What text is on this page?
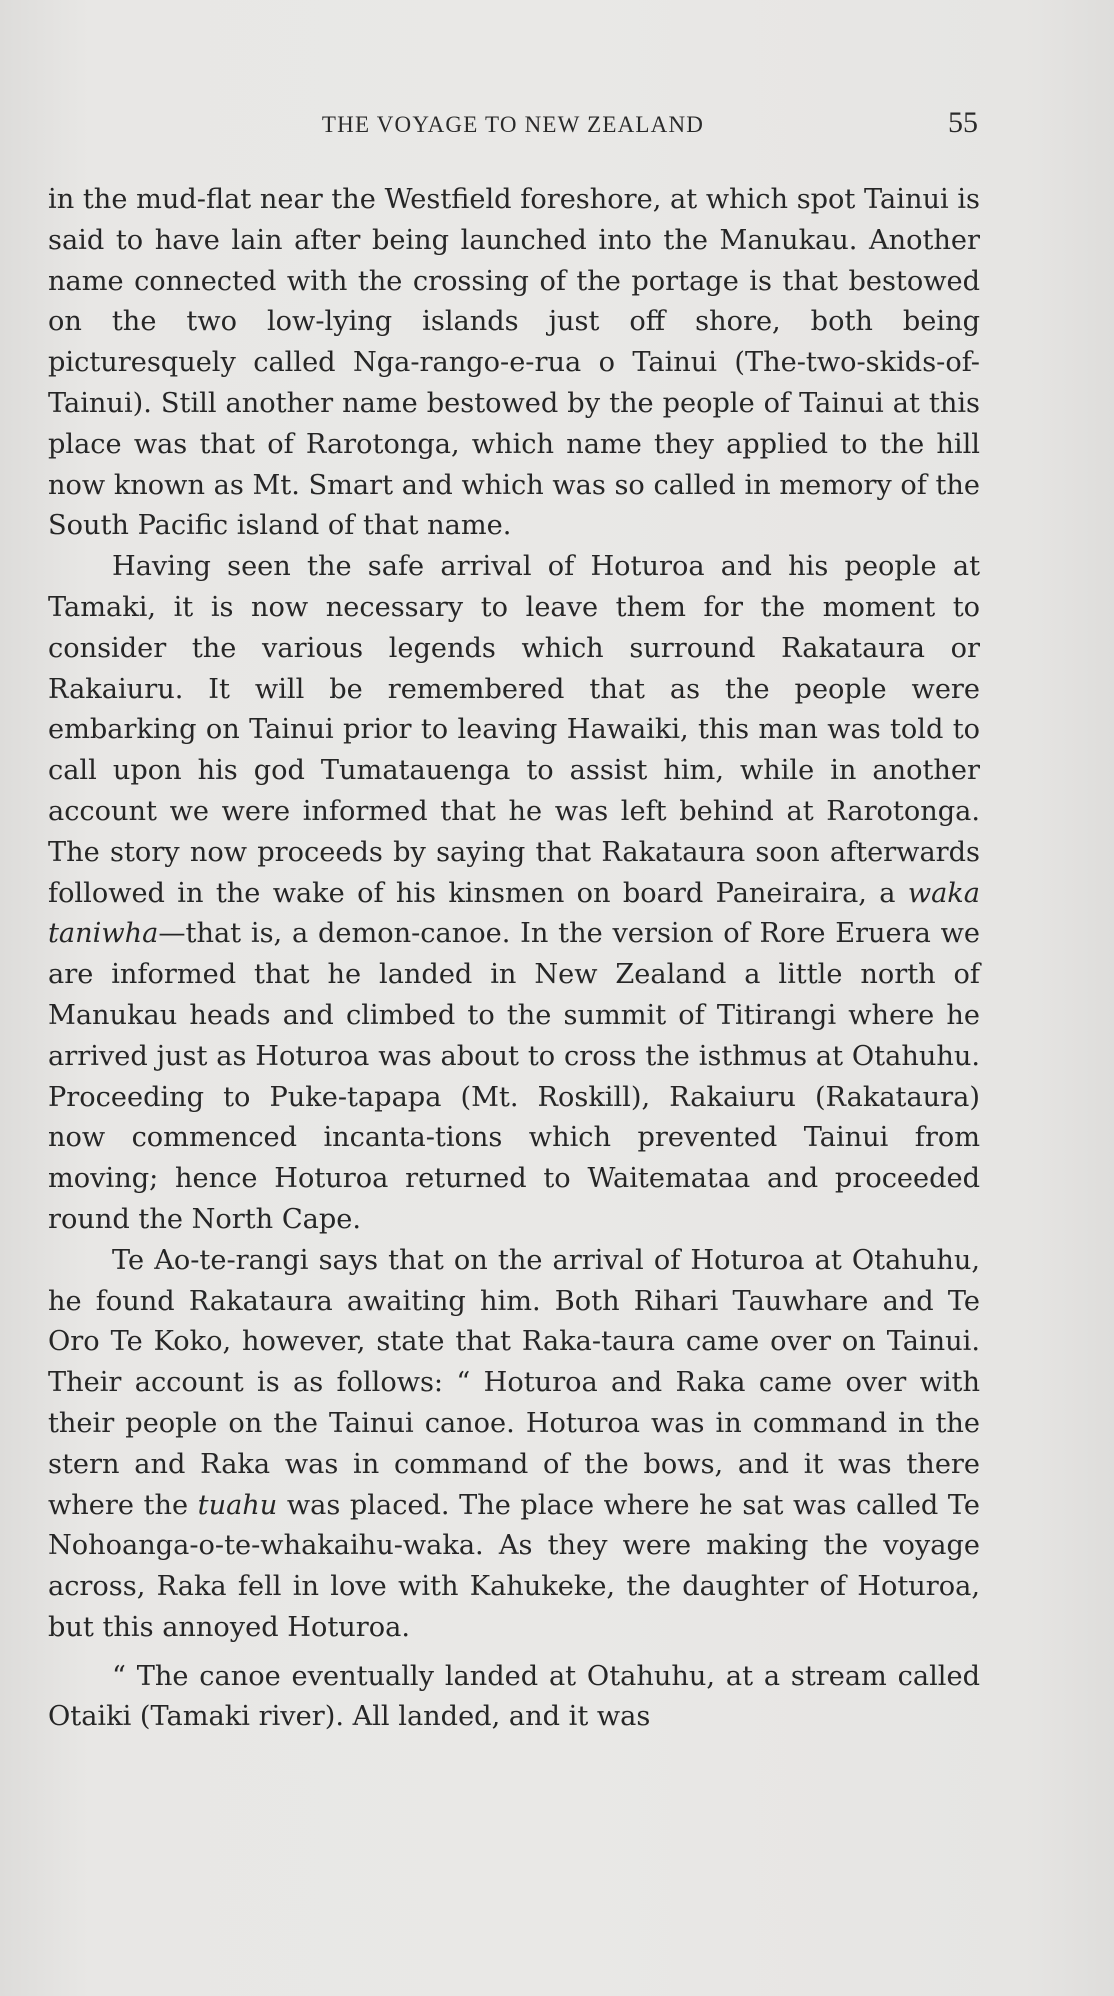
THE VOYAGE TO NEW ZEALAND	55

in the mud-flat near the Westfield foreshore, at which spot Tainui is said to have lain after being launched into the Manukau. Another name connected with the crossing of the portage is that bestowed on the two low-lying islands just off shore, both being picturesquely called Nga-rango-e-rua o Tainui (The-two-skids-of-Tainui). Still another name bestowed by the people of Tainui at this place was that of Rarotonga, which name they applied to the hill now known as Mt. Smart and which was so called in memory of the South Pacific island of that name.

Having seen the safe arrival of Hoturoa and his people at Tamaki, it is now necessary to leave them for the moment to consider the various legends which surround Rakataura or Rakaiuru. It will be remembered that as the people were embarking on Tainui prior to leaving Hawaiki, this man was told to call upon his god Tumatauenga to assist him, while in another account we were informed that he was left behind at Rarotonga. The story now proceeds by saying that Rakataura soon afterwards followed in the wake of his kinsmen on board Paneiraira, a waka taniwha—that is, a demon-canoe. In the version of Rore Eruera we are informed that he landed in New Zealand a little north of Manukau heads and climbed to the summit of Titirangi where he arrived just as Hoturoa was about to cross the isthmus at Otahuhu. Proceeding to Puke-tapapa (Mt. Roskill), Rakaiuru (Rakataura) now commenced incanta-tions which prevented Tainui from moving; hence Hoturoa returned to Waitemataa and proceeded round the North Cape.

Te Ao-te-rangi says that on the arrival of Hoturoa at Otahuhu, he found Rakataura awaiting him. Both Rihari Tauwhare and Te Oro Te Koko, however, state that Raka-taura came over on Tainui. Their account is as follows: “ Hoturoa and Raka came over with their people on the Tainui canoe. Hoturoa was in command in the stern and Raka was in command of the bows, and it was there where the tuahu was placed. The place where he sat was called Te Nohoanga-o-te-whakaihu-waka. As they were making the voyage across, Raka fell in love with Kahukeke, the daughter of Hoturoa, but this annoyed Hoturoa.

“ The canoe eventually landed at Otahuhu, at a stream called Otaiki (Tamaki river). All landed, and it was
